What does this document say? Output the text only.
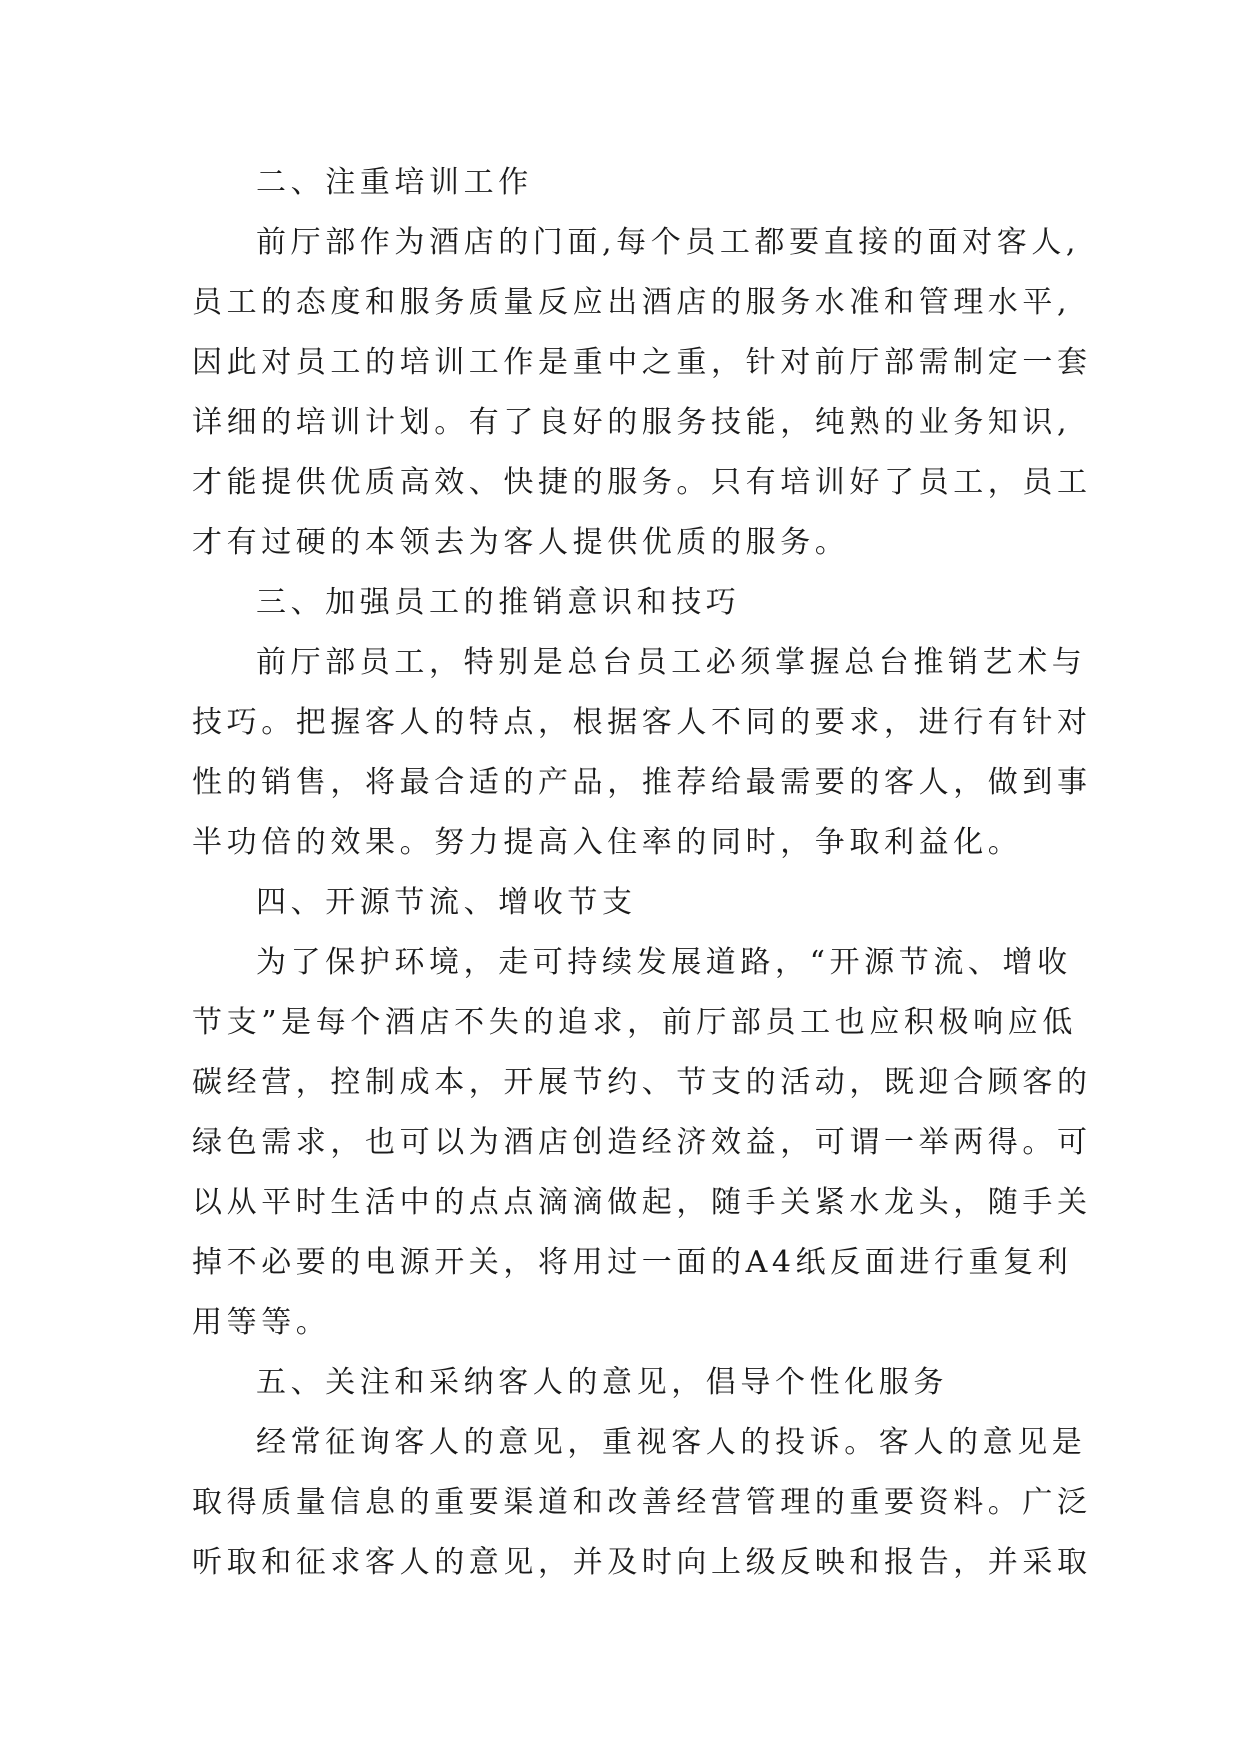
二、注重培训工作
前厅部作为酒店的门面,每个员工都要直接的面对客人,
员工的态度和服务质量反应出酒店的服务水准和管理水平,
因此对员工的培训工作是重中之重，针对前厅部需制定一套
详细的培训计划。有了良好的服务技能，纯熟的业务知识,
才能提供优质高效、快捷的服务。只有培训好了员工，员工
才有过硬的本领去为客人提供优质的服务。
三、加强员工的推销意识和技巧
前厅部员工，特别是总台员工必须掌握总台推销艺术与
技巧。把握客人的特点，根据客人不同的要求，进行有针对
性的销售，将最合适的产品，推荐给最需要的客人，做到事
半功倍的效果。努力提高入住率的同时，争取利益化。
四、开源节流、增收节支
为了保护环境，走可持续发展道路，“开源节流、增收
节支”是每个酒店不失的追求，前厅部员工也应积极响应低
碳经营，控制成本，开展节约、节支的活动，既迎合顾客的
绿色需求，也可以为酒店创造经济效益，可谓一举两得。可
以从平时生活中的点点滴滴做起，随手关紧水龙头，随手关
掉不必要的电源开关，将用过一面的A4纸反面进行重复利
用等等。
五、关注和采纳客人的意见，倡导个性化服务
经常征询客人的意见，重视客人的投诉。客人的意见是
取得质量信息的重要渠道和改善经营管理的重要资料。广泛
听取和征求客人的意见，并及时向上级反映和报告，并采取
